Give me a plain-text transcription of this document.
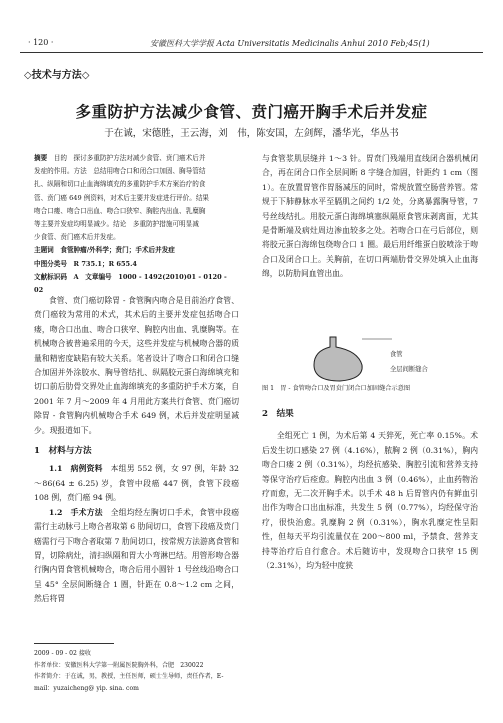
· 120 ·	安徽医科大学学报 Acta Universitatis Medicinalis Anhui 2010 Feb;45(1)
◇技术与方法◇
多重防护方法减少食管、贲门癌开胸手术后并发症
于在诚，宋德胜，王云海，刘　伟，陈安国，左剑辉，潘华光，华丛书
摘要　 目的　探讨多重防护方法对减少食管、贲门癌术后并
发症的作用。方法　总结用吻合口和闭合口加固、胸导管结
扎、纵隔和切口止血海绵填充的多重防护手术方案治疗的食
管、贲门癌 649 例资料，对术后主要并发症进行评价。结果
吻合口瘘、吻合口出血、吻合口狭窄、胸腔内出血、乳糜胸
等主要并发症均明显减少。结论　多重防护措施可明显减
少食管、贲门癌术后并发症。
主题词　食管肿瘤/外科学；贲门；手术后并发症
中图分类号　R 735.1；R 655.4
文献标识码　A　文章编号　1000 - 1492(2010)01 - 0120 - 02

食管、贲门癌切除胃 - 食管胸内吻合是目前治疗食管、贲门癌较为常用的术式，其术后的主要并发症包括吻合口瘘，吻合口出血、吻合口狭窄、胸腔内出血、乳糜胸等。在机械吻合被普遍采用的今天，这些并发症与机械吻合器的质量和精密度缺陷有较大关系。笔者设计了吻合口和闭合口缝合加固并外涂胶水、胸导管结扎、纵隔胶元蛋白海绵填充和切口前后肋骨交界处止血海绵填充的多重防护手术方案，自 2001 年 7 月～2009 年 4 月用此方案共行食管、贲门癌切除胃 - 食管胸内机械吻合手术 649 例，术后并发症明显减少。现报道如下。

1　材料与方法

1.1　病例资料　 本组男 552 例，女 97 例，年龄 32～86(64 ± 6.25) 岁，食管中段癌 447 例，食管下段癌 108 例，贲门癌 94 例。

1.2　手术方法　 全组均经左胸切口手术，食管中段癌需行主动脉弓上吻合者取第 6 肋间切口，食管下段癌及贲门癌需行弓下吻合者取第 7 肋间切口，按常规方法游离食管和胃，切除病灶，清扫纵隔和胃大小弯淋巴结。用管形吻合器行胸内胃食管机械吻合，吻合后用小圆针 1 号丝线沿吻合口呈 45° 全层间断缝合 1 圈，针距在 0.8～1.2 cm 之间，然后将胃

与食管浆肌层缝并 1～3 针。胃贲门残端用直线闭合器机械闭合，再在闭合口作全层间断 8 字缝合加固，针距约 1 cm（图 1）。在放置胃管作胃肠减压的同时，常规放置空肠营养管。常规于下肺静脉水平至膈肌之间约 1/2 处，分离暴露胸导管，7 号丝线结扎。用胶元蛋白海绵填塞纵隔原食管床剥离面，尤其是骨断端及病灶周边渗血较多之处。若吻合口在弓后部位，则将胶元蛋白海绵包绕吻合口 1 圈。最后用纤维蛋白胶喷涂于吻合口及闭合口上。关胸前，在切口两端肋骨交界处填入止血海绵，以防肋间血管出血。

食管
全层间断缝合
图 1　胃 - 食管吻合口及胃贲门闭合口加固缝合示意图
2　结果

全组死亡 1 例，为术后第 4 天猝死，死亡率 0.15%。术后发生切口感染 27 例（4.16%），脓胸 2 例（0.31%），胸内吻合口瘘 2 例（0.31%），均经抗感染、胸腔引流和营养支持等保守治疗后痊愈。胸腔内出血 3 例（0.46%），止血药物治疗而愈，无二次开胸手术。以手术 48 h 后胃管内仍有鲜血引出作为吻合口出血标准，共发生 5 例（0.77%），均经保守治疗，很快治愈。乳糜胸 2 例（0.31%），胸水乳糜定性呈阳性，但每天平均引流量仅在 200～800 ml，予禁食、营养支持等治疗后自行愈合。术后随访中，发现吻合口狭窄 15 例（2.31%），均为轻中度狭

2009 - 09 - 02 接收
作者单位：安徽医科大学第一附属医院胸外科，合肥　230022
作者简介：于在诚，男，教授，主任医师，硕士生导师，责任作者，E-mail：yuzaicheng@ yip. sina. com
